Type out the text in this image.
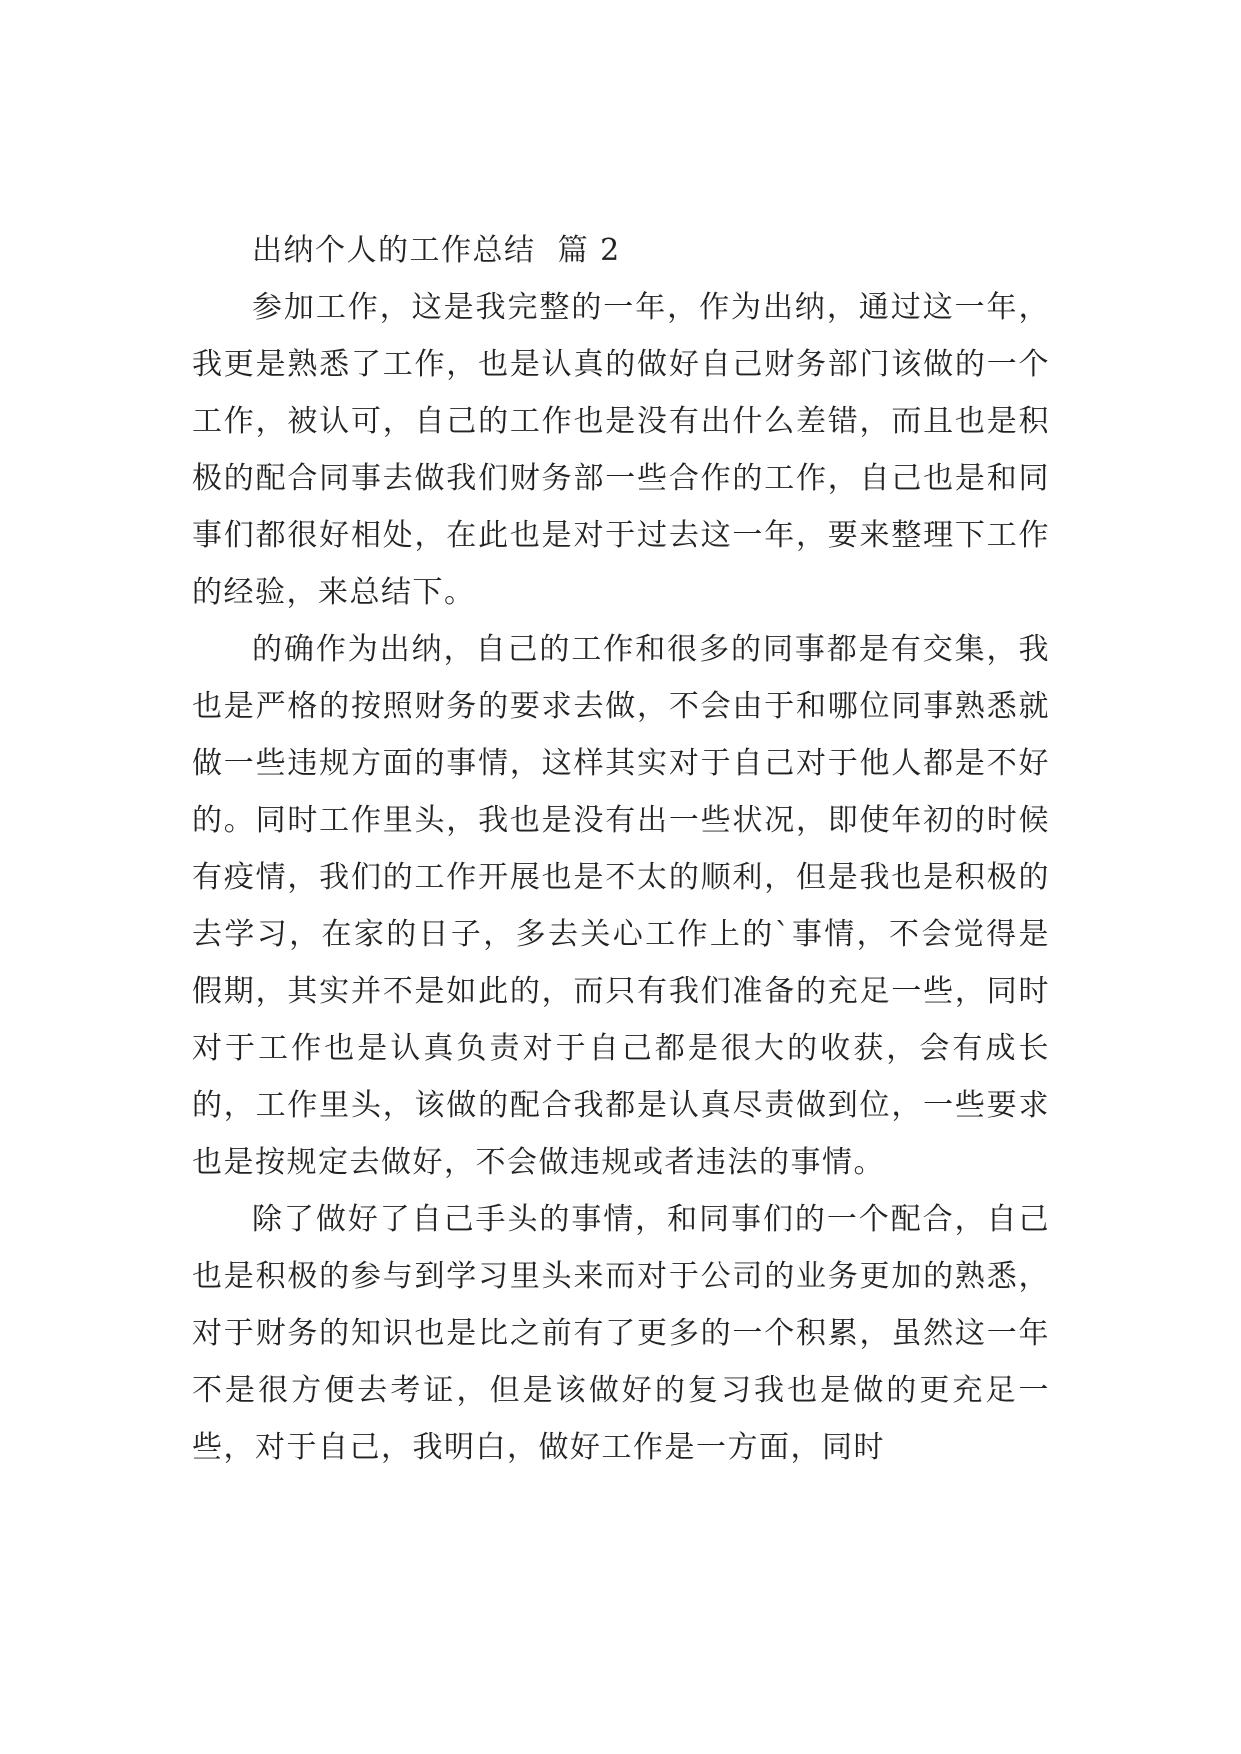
出纳个人的工作总结  篇 2

参加工作，这是我完整的一年，作为出纳，通过这一年，我更是熟悉了工作，也是认真的做好自己财务部门该做的一个工作，被认可，自己的工作也是没有出什么差错，而且也是积极的配合同事去做我们财务部一些合作的工作，自己也是和同事们都很好相处，在此也是对于过去这一年，要来整理下工作的经验，来总结下。

的确作为出纳，自己的工作和很多的同事都是有交集，我也是严格的按照财务的要求去做，不会由于和哪位同事熟悉就做一些违规方面的事情，这样其实对于自己对于他人都是不好的。同时工作里头，我也是没有出一些状况，即使年初的时候有疫情，我们的工作开展也是不太的顺利，但是我也是积极的去学习，在家的日子，多去关心工作上的`事情，不会觉得是假期，其实并不是如此的，而只有我们准备的充足一些，同时对于工作也是认真负责对于自己都是很大的收获，会有成长的，工作里头，该做的配合我都是认真尽责做到位，一些要求也是按规定去做好，不会做违规或者违法的事情。

除了做好了自己手头的事情，和同事们的一个配合，自己也是积极的参与到学习里头来而对于公司的业务更加的熟悉，对于财务的知识也是比之前有了更多的一个积累，虽然这一年不是很方便去考证，但是该做好的复习我也是做的更充足一些，对于自己，我明白，做好工作是一方面，同时
